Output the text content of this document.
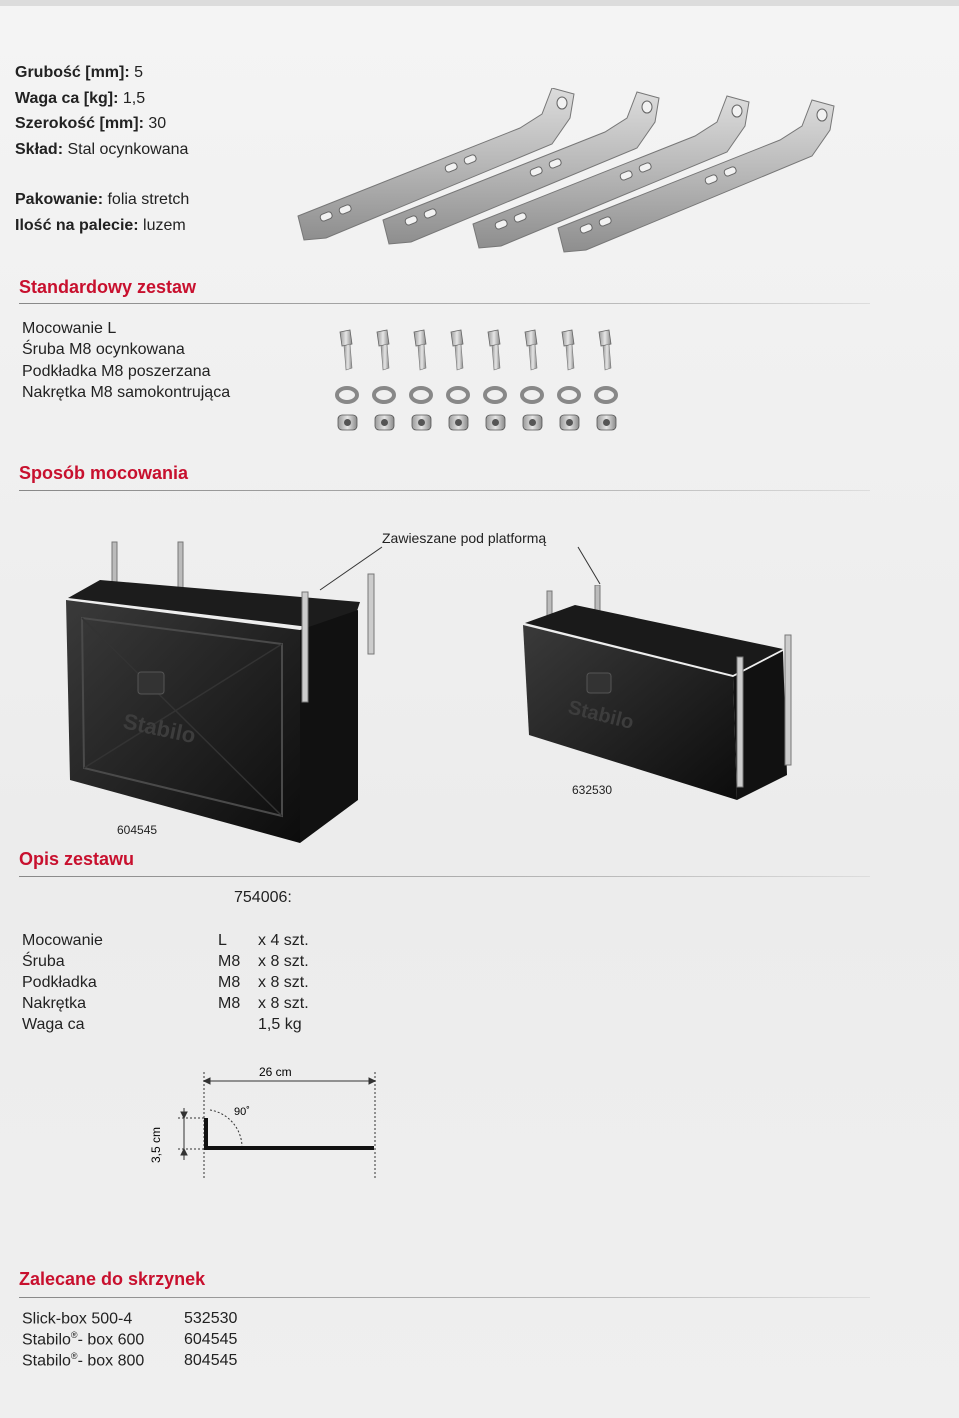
Grubość [mm]: 5
Waga ca [kg]: 1,5
Szerokość [mm]: 30
Skład: Stal ocynkowana
Pakowanie: folia stretch
Ilość na palecie: luzem
Standardowy zestaw
Mocowanie L
Śruba M8 ocynkowana
Podkładka M8 poszerzana
Nakrętka M8 samokontrująca
Sposób mocowania
Zawieszane pod platformą
Stabilo
604545
Stabilo
632530
Opis zestawu
754006:
Mocowanie	L	x 4 szt.
Śruba	M8	x 8 szt.
Podkładka	M8	x 8 szt.
Nakrętka	M8	x 8 szt.
Waga ca		1,5 kg
26 cm
90˚
3,5 cm
Zalecane do skrzynek
Slick-box 500-4	532530
Stabilo®- box 600	604545
Stabilo®- box 800	804545
